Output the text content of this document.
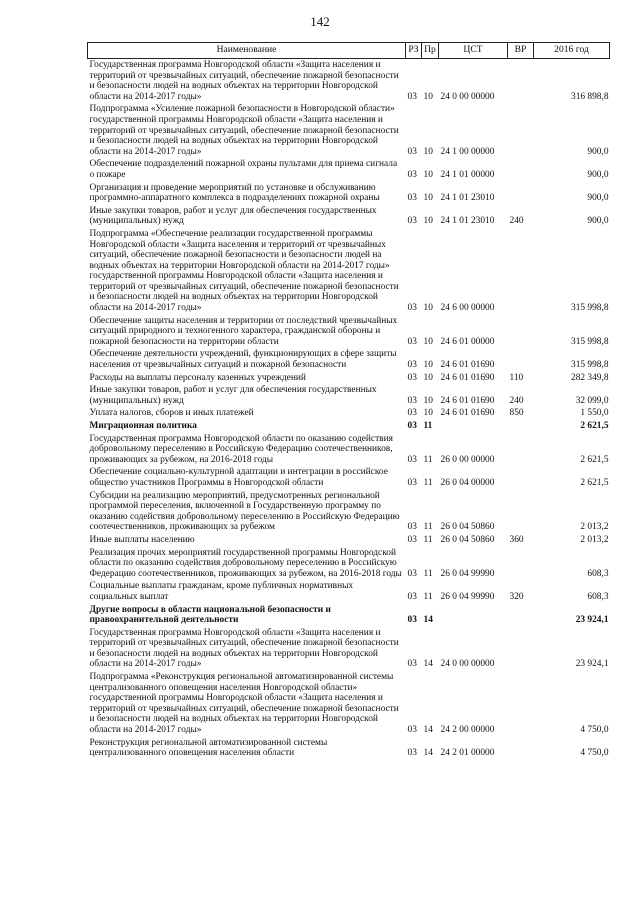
142
Наименование	РЗ	Пр	ЦСТ	ВР	2016 год
Государственная программа Новгородской области «Защита населения и территорий от чрезвычайных ситуаций, обеспечение пожарной безопасности и безопасности людей на водных объектах на территории Новгородской области на 2014-2017 годы»	03	10	24 0 00 00000		316 898,8
Подпрограмма «Усиление пожарной безопасности в Новгородской области» государственной программы Новгородской области «Защита населения и территорий от чрезвычайных ситуаций, обеспечение пожарной безопасности и безопасности людей на водных объектах на территории Новгородской области на 2014-2017 годы»	03	10	24 1 00 00000		900,0
Обеспечение подразделений пожарной охраны пультами для приема сигнала о пожаре	03	10	24 1 01 00000		900,0
Организация и проведение мероприятий по установке и обслуживанию программно-аппаратного комплекса в подразделениях пожарной охраны	03	10	24 1 01 23010		900,0
Иные закупки товаров, работ и услуг для обеспечения государственных (муниципальных) нужд	03	10	24 1 01 23010	240	900,0
Подпрограмма «Обеспечение реализации государственной программы Новгородской области «Защита населения и территорий от чрезвычайных ситуаций, обеспечение пожарной безопасности и безопасности людей на водных объектах на территории Новгородской области на 2014-2017 годы» государственной программы Новгородской области «Защита населения и территорий от чрезвычайных ситуаций, обеспечение пожарной безопасности и безопасности людей на водных объектах на территории Новгородской области на 2014-2017 годы»	03	10	24 6 00 00000		315 998,8
Обеспечение защиты населения и территории от последствий чрезвычайных ситуаций природного и техногенного характера, гражданской обороны и пожарной безопасности на территории области	03	10	24 6 01 00000		315 998,8
Обеспечение деятельности учреждений, функционирующих в сфере защиты населения от чрезвычайных ситуаций и пожарной безопасности	03	10	24 6 01 01690		315 998,8
Расходы на выплаты персоналу казенных учреждений	03	10	24 6 01 01690	110	282 349,8
Иные закупки товаров, работ и услуг для обеспечения государственных (муниципальных) нужд	03	10	24 6 01 01690	240	32 099,0
Уплата налогов, сборов и иных платежей	03	10	24 6 01 01690	850	1 550,0
Миграционная политика	03	11			2 621,5
Государственная программа Новгородской области по оказанию содействия добровольному переселению в Российскую Федерацию соотечественников, проживающих за рубежом, на 2016-2018 годы	03	11	26 0 00 00000		2 621,5
Обеспечение социально-культурной адаптации и интеграции в российское общество участников Программы в Новгородской области	03	11	26 0 04 00000		2 621,5
Субсидии на реализацию мероприятий, предусмотренных региональной программой переселения, включенной в Государственную программу по оказанию содействия добровольному переселению в Российскую Федерацию соотечественников, проживающих за рубежом	03	11	26 0 04 50860		2 013,2
Иные выплаты населению	03	11	26 0 04 50860	360	2 013,2
Реализация прочих мероприятий государственной программы Новгородской области по оказанию содействия добровольному переселению в Российскую Федерацию соотечественников, проживающих за рубежом, на 2016-2018 годы	03	11	26 0 04 99990		608,3
Социальные выплаты гражданам, кроме публичных нормативных социальных выплат	03	11	26 0 04 99990	320	608,3
Другие вопросы в области национальной безопасности и правоохранительной деятельности	03	14			23 924,1
Государственная программа Новгородской области «Защита населения и территорий от чрезвычайных ситуаций, обеспечение пожарной безопасности и безопасности людей на водных объектах на территории Новгородской области на 2014-2017 годы»	03	14	24 0 00 00000		23 924,1
Подпрограмма «Реконструкция региональной автоматизированной системы централизованного оповещения населения Новгородской области» государственной программы Новгородской области «Защита населения и территорий от чрезвычайных ситуаций, обеспечение пожарной безопасности и безопасности людей на водных объектах на территории Новгородской области на 2014-2017 годы»	03	14	24 2 00 00000		4 750,0
Реконструкция региональной автоматизированной системы централизованного оповещения населения области	03	14	24 2 01 00000		4 750,0
